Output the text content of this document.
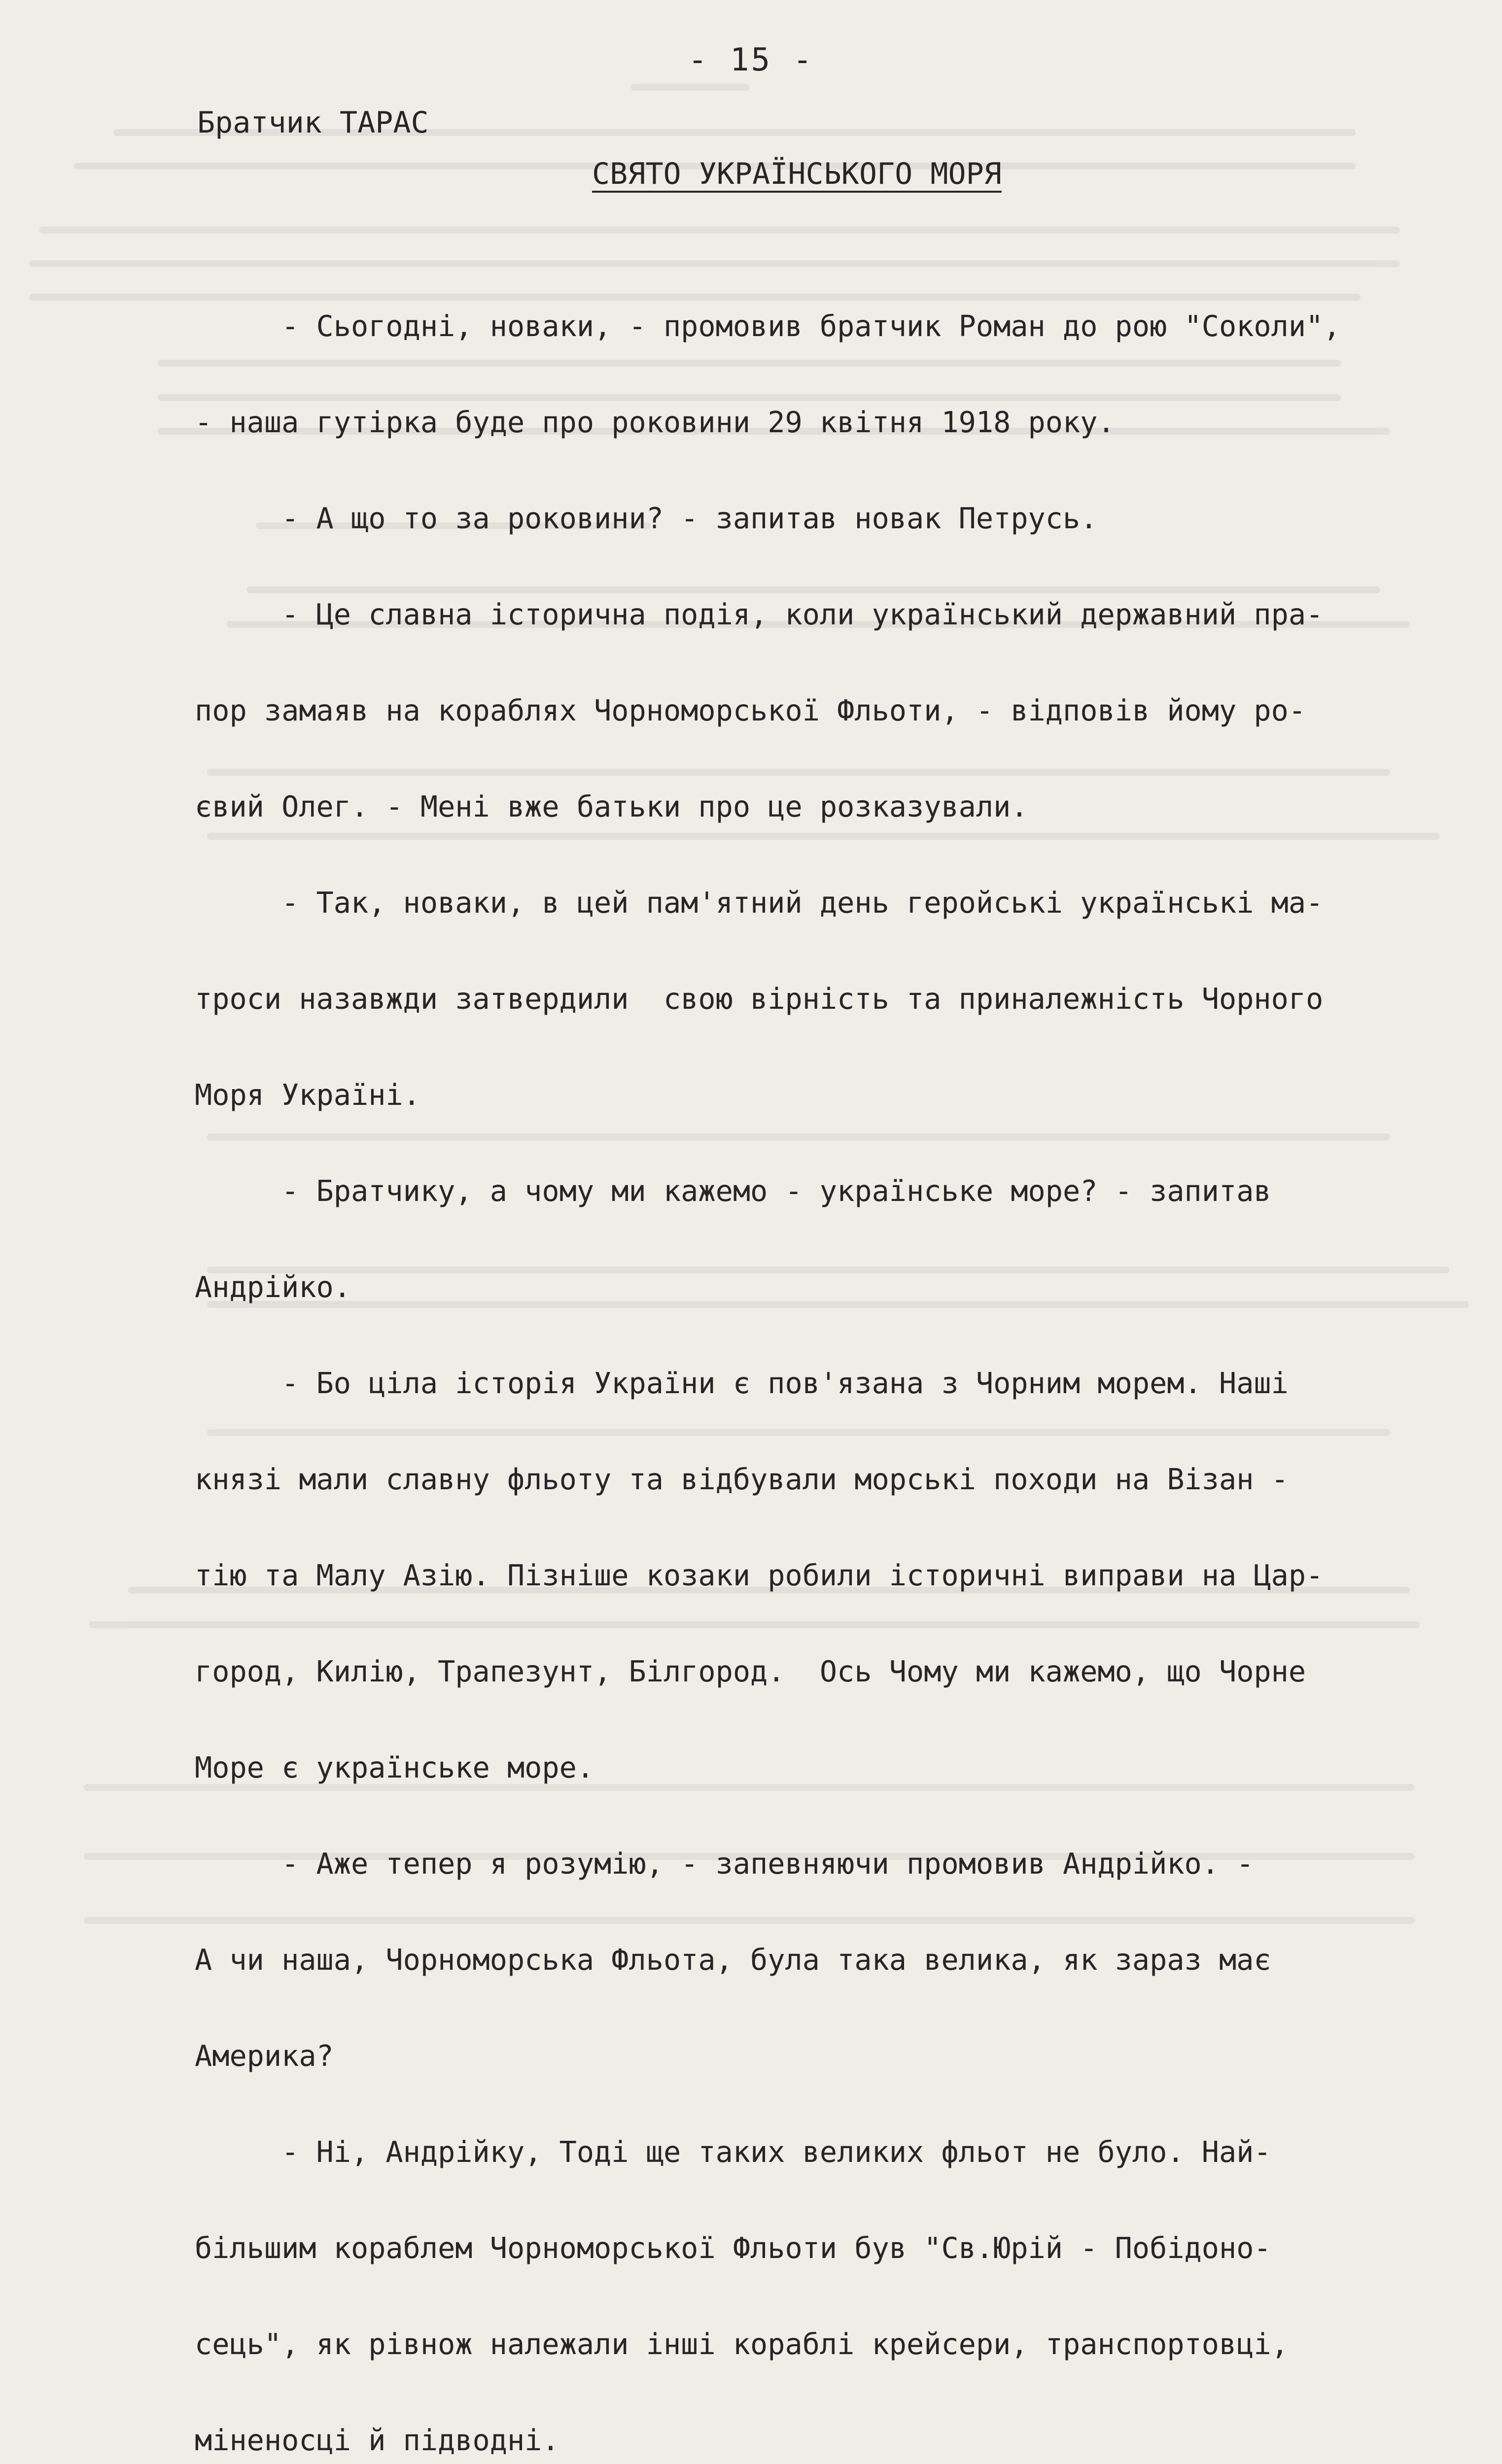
- 15 -
Братчик ТАРАС
СВЯТО УКРАЇНСЬКОГО МОРЯ

- Сьогодні, новаки, - промовив братчик Роман до рою "Соколи",

- наша гутірка буде про роковини 29 квітня 1918 року.

- А що то за роковини? - запитав новак Петрусь.

- Це славна історична подія, коли український державний пра-

пор замаяв на кораблях Чорноморської Фльоти, - відповів йому ро-

євий Олег. - Мені вже батьки про це розказували.

- Так, новаки, в цей пам'ятний день геройські українські ма-

троси назавжди затвердили  свою вірність та приналежність Чорного

Моря Україні.

- Братчику, а чому ми кажемо - українське море? - запитав

Андрійко.

- Бо ціла історія України є пов'язана з Чорним морем. Наші

князі мали славну фльоту та відбували морські походи на Візан -

тію та Малу Азію. Пізніше козаки робили історичні виправи на Цар-

город, Килію, Трапезунт, Білгород.  Ось Чому ми кажемо, що Чорне

Море є українське море.

- Аже тепер я розумію, - запевняючи промовив Андрійко. -

А чи наша, Чорноморська Фльота, була така велика, як зараз має

Америка?

- Ні, Андрійку, Тоді ще таких великих фльот не було. Най-

більшим кораблем Чорноморської Фльоти був "Св.Юрій - Побідоно-

сець", як рівнож належали інші кораблі крейсери, транспортовці,

міненосці й підводні.
